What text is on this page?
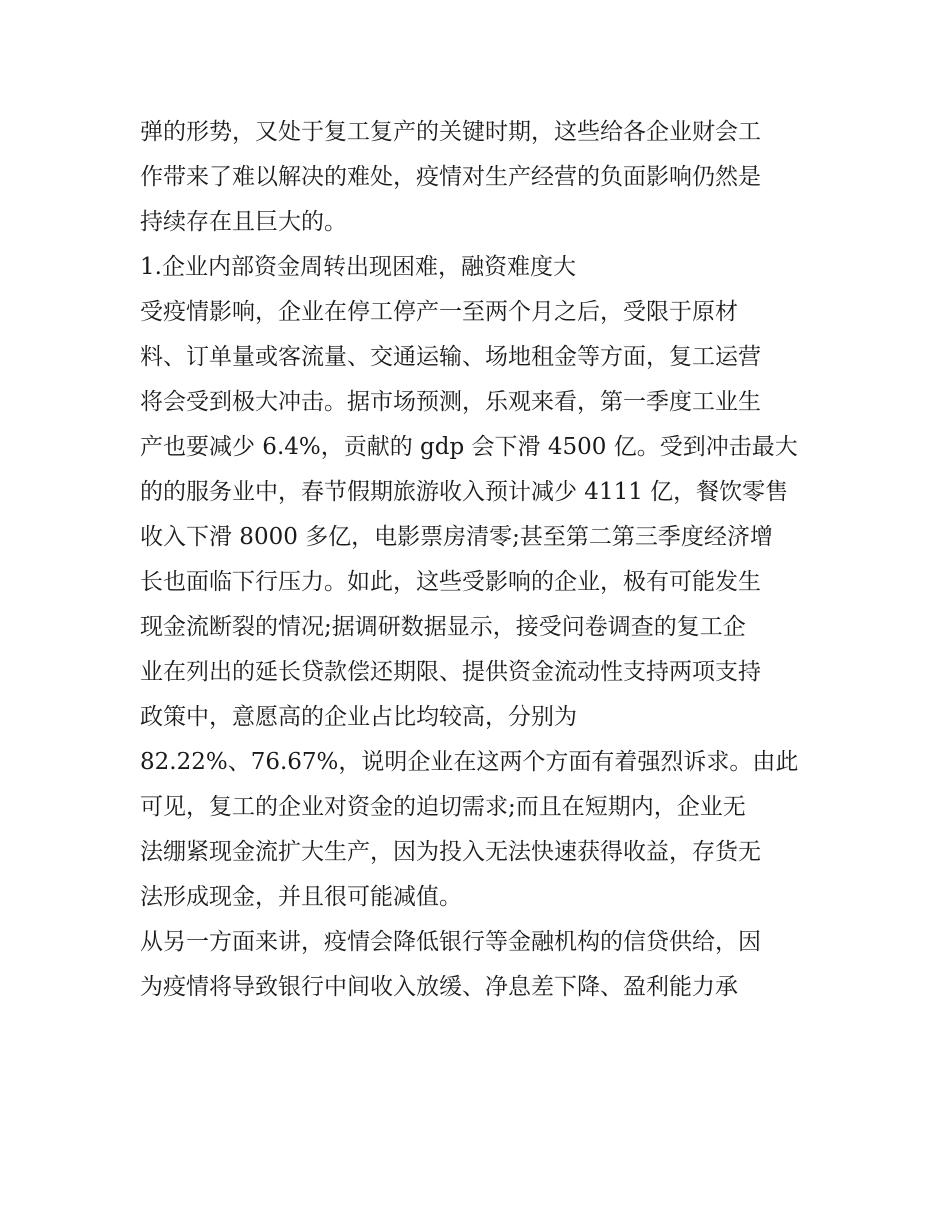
弹的形势，又处于复工复产的关键时期，这些给各企业财会工
作带来了难以解决的难处，疫情对生产经营的负面影响仍然是
持续存在且巨大的。
1.企业内部资金周转出现困难，融资难度大
受疫情影响，企业在停工停产一至两个月之后，受限于原材
料、订单量或客流量、交通运输、场地租金等方面，复工运营
将会受到极大冲击。据市场预测，乐观来看，第一季度工业生
产也要减少 6.4%，贡献的 gdp 会下滑 4500 亿。受到冲击最大
的的服务业中，春节假期旅游收入预计减少 4111 亿，餐饮零售
收入下滑 8000 多亿，电影票房清零;甚至第二第三季度经济增
长也面临下行压力。如此，这些受影响的企业，极有可能发生
现金流断裂的情况;据调研数据显示，接受问卷调查的复工企
业在列出的延长贷款偿还期限、提供资金流动性支持两项支持
政策中，意愿高的企业占比均较高，分别为
82.22%、76.67%，说明企业在这两个方面有着强烈诉求。由此
可见，复工的企业对资金的迫切需求;而且在短期内，企业无
法绷紧现金流扩大生产，因为投入无法快速获得收益，存货无
法形成现金，并且很可能减值。
从另一方面来讲，疫情会降低银行等金融机构的信贷供给，因
为疫情将导致银行中间收入放缓、净息差下降、盈利能力承
